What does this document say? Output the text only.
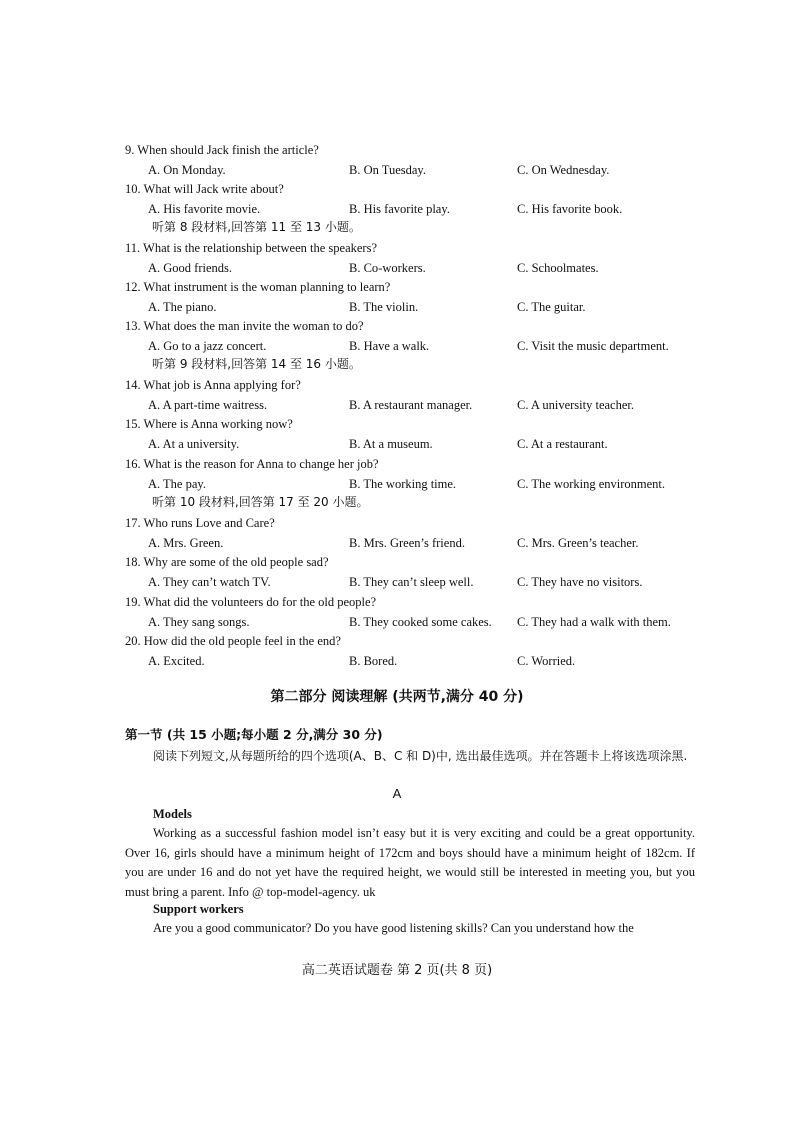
9. When should Jack finish the article?
A. On Monday.	B. On Tuesday.	C. On Wednesday.
10. What will Jack write about?
A. His favorite movie.	B. His favorite play.	C. His favorite book.
听第 8 段材料,回答第 11 至 13 小题。
11. What is the relationship between the speakers?
A. Good friends.	B. Co-workers.	C. Schoolmates.
12. What instrument is the woman planning to learn?
A. The piano.	B. The violin.	C. The guitar.
13. What does the man invite the woman to do?
A. Go to a jazz concert.	B. Have a walk.	C. Visit the music department.
听第 9 段材料,回答第 14 至 16 小题。
14. What job is Anna applying for?
A. A part-time waitress.	B. A restaurant manager.	C. A university teacher.
15. Where is Anna working now?
A. At a university.	B. At a museum.	C. At a restaurant.
16. What is the reason for Anna to change her job?
A. The pay.	B. The working time.	C. The working environment.
听第 10 段材料,回答第 17 至 20 小题。
17. Who runs Love and Care?
A. Mrs. Green.	B. Mrs. Green’s friend.	C. Mrs. Green’s teacher.
18. Why are some of the old people sad?
A. They can’t watch TV.	B. They can’t sleep well.	C. They have no visitors.
19. What did the volunteers do for the old people?
A. They sang songs.	B. They cooked some cakes. C. They had a walk with them.
20. How did the old people feel in the end?
A. Excited.	B. Bored.	C. Worried.
第二部分 阅读理解 (共两节,满分 40 分)
第一节 (共 15 小题;每小题 2 分,满分 30 分)
阅读下列短文,从每题所给的四个选项(A、B、C 和 D)中, 选出最佳选项。并在答题卡上将该选项涂黑.
A
Models
Working as a successful fashion model isn’t easy but it is very exciting and could be a great opportunity. Over 16, girls should have a minimum height of 172cm and boys should have a minimum height of 182cm. If you are under 16 and do not yet have the required height, we would still be interested in meeting you, but you must bring a parent. Info @ top-model-agency. uk
Support workers
Are you a good communicator? Do you have good listening skills? Can you understand how the
高二英语试题卷 第 2 页(共 8 页)
